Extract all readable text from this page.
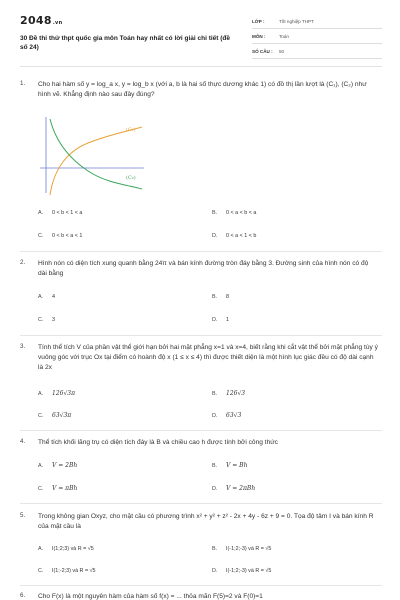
2048.vn
30 Đề thi thử thpt quốc gia môn Toán hay nhất có lời giải chi tiết (đề số 24)
LỚP :	Tốt nghiệp THPT
MÔN :	Toán
SỐ CÂU :	50
1. Cho hai hàm số y = log_a x, y = log_b x (với a, b là hai số thực dương khác 1) có đồ thị lần lượt là (C₁), (C₂) như hình vẽ. Khẳng định nào sau đây đúng?
(C₁)
(C₂)
A. 0 < b < 1 < a	B. 0 < a < b < a
C. 0 < b < a < 1	D. 0 < a < 1 < b
2. Hình nón có diện tích xung quanh bằng 24π và bán kính đường tròn đáy bằng 3. Đường sinh của hình nón có độ dài bằng
A. 4	B. 8
C. 3	D. 1
3. Tính thể tích V của phần vật thể giới hạn bởi hai mặt phẳng x=1 và x=4, biết rằng khi cắt vật thể bởi mặt phẳng tùy ý vuông góc với trục Ox tại điểm có hoành độ x (1 ≤ x ≤ 4) thì được thiết diện là một hình lục giác đều có độ dài cạnh là 2x
A. 126√3π	B. 126√3
C. 63√3π	D. 63√3
4. Thể tích khối lăng trụ có diện tích đáy là B và chiều cao h được tính bởi công thức
A. V = 2Bh	B. V = Bh
C. V = πBh	D. V = 2πBh
5. Trong không gian Oxyz, cho mặt cầu có phương trình x² + y² + z² - 2x + 4y - 6z + 9 = 0. Tọa độ tâm I và bán kính R của mặt cầu là
A. I(1;2;3) và R = √5	B. I(-1;2;-3) và R = √5
C. I(1;-2;3) và R = √5	D. I(-1;2;-3) và R = √5
6. Cho F(x) là một nguyên hàm của hàm số f(x) = ... thỏa mãn F(5)=2 và F(0)=1
